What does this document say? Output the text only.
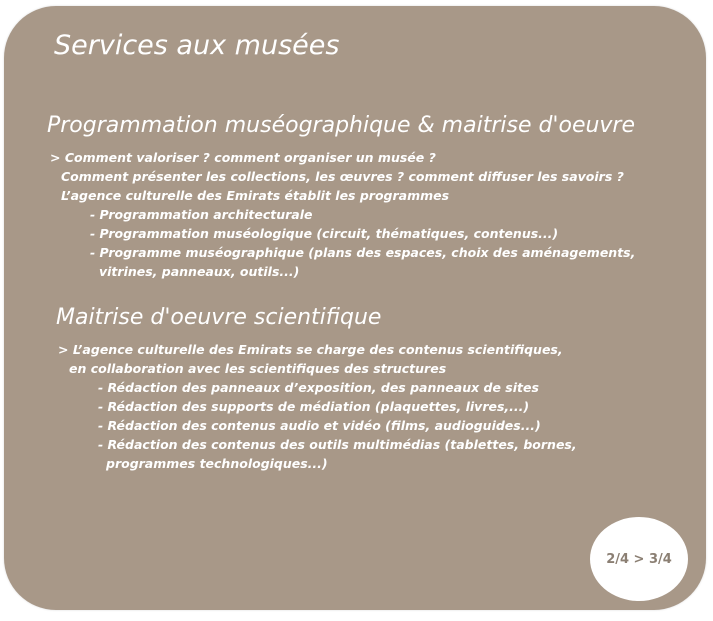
Services aux musées
Programmation muséographique & maitrise d'oeuvre
> Comment valoriser ? comment organiser un musée ?
Comment présenter les collections, les œuvres ? comment diffuser les savoirs ?
L’agence culturelle des Emirats établit les programmes
- Programmation architecturale
- Programmation muséologique (circuit, thématiques, contenus...)
- Programme muséographique (plans des espaces, choix des aménagements,
vitrines, panneaux, outils...)
Maitrise d'oeuvre scientifique
> L’agence culturelle des Emirats se charge des contenus scientifiques,
en collaboration avec les scientifiques des structures
- Rédaction des panneaux d’exposition, des panneaux de sites
- Rédaction des supports de médiation (plaquettes, livres,...)
- Rédaction des contenus audio et vidéo (films, audioguides...)
- Rédaction des contenus des outils multimédias (tablettes, bornes,
programmes technologiques...)
2/4 > 3/4
